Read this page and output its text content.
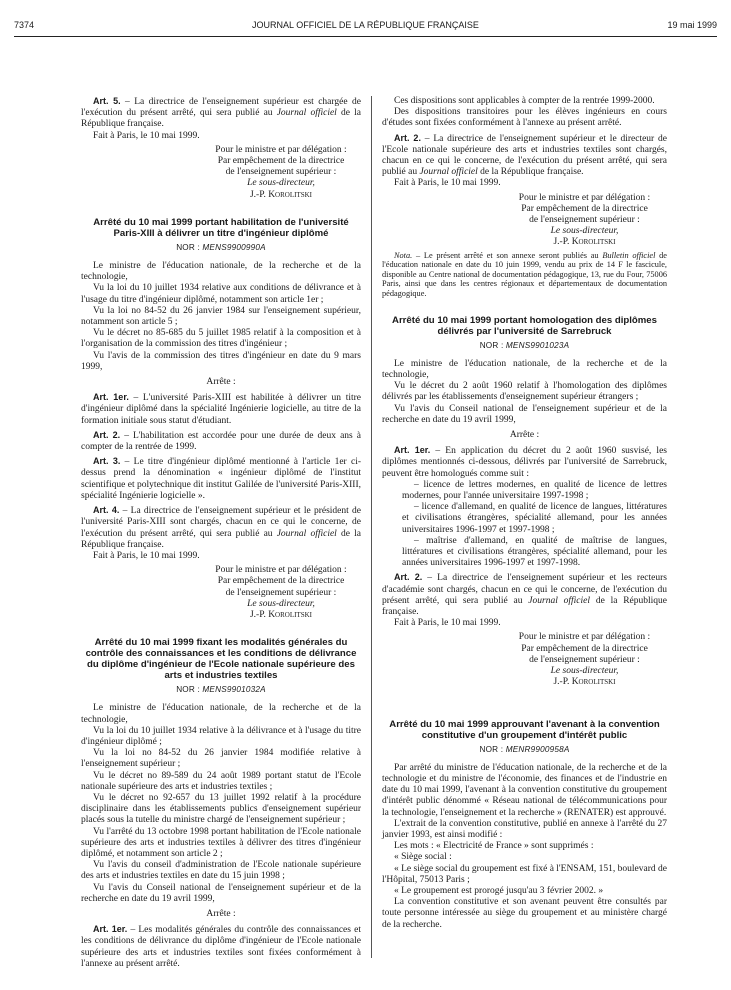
7374	JOURNAL OFFICIEL DE LA RÉPUBLIQUE FRANÇAISE	19 mai 1999

Art. 5. – La directrice de l'enseignement supérieur est chargée de l'exécution du présent arrêté, qui sera publié au Journal officiel de la République française.

Fait à Paris, le 10 mai 1999.

Pour le ministre et par délégation :
Par empêchement de la directrice
de l'enseignement supérieur :
Le sous-directeur,
J.-P. Korolitski
Arrêté du 10 mai 1999 portant habilitation de l'université Paris-XIII à délivrer un titre d'ingénieur diplômé
NOR : MENS9900990A

Le ministre de l'éducation nationale, de la recherche et de la technologie,

Vu la loi du 10 juillet 1934 relative aux conditions de délivrance et à l'usage du titre d'ingénieur diplômé, notamment son article 1er ;

Vu la loi no 84-52 du 26 janvier 1984 sur l'enseignement supérieur, notamment son article 5 ;

Vu le décret no 85-685 du 5 juillet 1985 relatif à la composition et à l'organisation de la commission des titres d'ingénieur ;

Vu l'avis de la commission des titres d'ingénieur en date du 9 mars 1999,

Arrête :

Art. 1er. – L'université Paris-XIII est habilitée à délivrer un titre d'ingénieur diplômé dans la spécialité Ingénierie logicielle, au titre de la formation initiale sous statut d'étudiant.

Art. 2. – L'habilitation est accordée pour une durée de deux ans à compter de la rentrée de 1999.

Art. 3. – Le titre d'ingénieur diplômé mentionné à l'article 1er ci-dessus prend la dénomination « ingénieur diplômé de l'institut scientifique et polytechnique dit institut Galilée de l'université Paris-XIII, spécialité Ingénierie logicielle ».

Art. 4. – La directrice de l'enseignement supérieur et le président de l'université Paris-XIII sont chargés, chacun en ce qui le concerne, de l'exécution du présent arrêté, qui sera publié au Journal officiel de la République française.

Fait à Paris, le 10 mai 1999.

Pour le ministre et par délégation :
Par empêchement de la directrice
de l'enseignement supérieur :
Le sous-directeur,
J.-P. Korolitski
Arrêté du 10 mai 1999 fixant les modalités générales du contrôle des connaissances et les conditions de délivrance du diplôme d'ingénieur de l'Ecole nationale supérieure des arts et industries textiles
NOR : MENS9901032A

Le ministre de l'éducation nationale, de la recherche et de la technologie,

Vu la loi du 10 juillet 1934 relative à la délivrance et à l'usage du titre d'ingénieur diplômé ;

Vu la loi no 84-52 du 26 janvier 1984 modifiée relative à l'enseignement supérieur ;

Vu le décret no 89-589 du 24 août 1989 portant statut de l'Ecole nationale supérieure des arts et industries textiles ;

Vu le décret no 92-657 du 13 juillet 1992 relatif à la procédure disciplinaire dans les établissements publics d'enseignement supérieur placés sous la tutelle du ministre chargé de l'enseignement supérieur ;

Vu l'arrêté du 13 octobre 1998 portant habilitation de l'Ecole nationale supérieure des arts et industries textiles à délivrer des titres d'ingénieur diplômé, et notamment son article 2 ;

Vu l'avis du conseil d'administration de l'Ecole nationale supérieure des arts et industries textiles en date du 15 juin 1998 ;

Vu l'avis du Conseil national de l'enseignement supérieur et de la recherche en date du 19 avril 1999,

Arrête :

Art. 1er. – Les modalités générales du contrôle des connaissances et les conditions de délivrance du diplôme d'ingénieur de l'Ecole nationale supérieure des arts et industries textiles sont fixées conformément à l'annexe au présent arrêté.

Ces dispositions sont applicables à compter de la rentrée 1999-2000.

Des dispositions transitoires pour les élèves ingénieurs en cours d'études sont fixées conformément à l'annexe au présent arrêté.

Art. 2. – La directrice de l'enseignement supérieur et le directeur de l'Ecole nationale supérieure des arts et industries textiles sont chargés, chacun en ce qui le concerne, de l'exécution du présent arrêté, qui sera publié au Journal officiel de la République française.

Fait à Paris, le 10 mai 1999.

Pour le ministre et par délégation :
Par empêchement de la directrice
de l'enseignement supérieur :
Le sous-directeur,
J.-P. Korolitski

Nota. – Le présent arrêté et son annexe seront publiés au Bulletin officiel de l'éducation nationale en date du 10 juin 1999, vendu au prix de 14 F le fascicule, disponible au Centre national de documentation pédagogique, 13, rue du Four, 75006 Paris, ainsi que dans les centres régionaux et départementaux de documentation pédagogique.

Arrêté du 10 mai 1999 portant homologation des diplômes délivrés par l'université de Sarrebruck
NOR : MENS9901023A

Le ministre de l'éducation nationale, de la recherche et de la technologie,

Vu le décret du 2 août 1960 relatif à l'homologation des diplômes délivrés par les établissements d'enseignement supérieur étrangers ;

Vu l'avis du Conseil national de l'enseignement supérieur et de la recherche en date du 19 avril 1999,

Arrête :

Art. 1er. – En application du décret du 2 août 1960 susvisé, les diplômes mentionnés ci-dessous, délivrés par l'université de Sarrebruck, peuvent être homologués comme suit :

– licence de lettres modernes, en qualité de licence de lettres modernes, pour l'année universitaire 1997-1998 ;

– licence d'allemand, en qualité de licence de langues, littératures et civilisations étrangères, spécialité allemand, pour les années universitaires 1996-1997 et 1997-1998 ;

– maîtrise d'allemand, en qualité de maîtrise de langues, littératures et civilisations étrangères, spécialité allemand, pour les années universitaires 1996-1997 et 1997-1998.

Art. 2. – La directrice de l'enseignement supérieur et les recteurs d'académie sont chargés, chacun en ce qui le concerne, de l'exécution du présent arrêté, qui sera publié au Journal officiel de la République française.

Fait à Paris, le 10 mai 1999.

Pour le ministre et par délégation :
Par empêchement de la directrice
de l'enseignement supérieur :
Le sous-directeur,
J.-P. Korolitski
Arrêté du 10 mai 1999 approuvant l'avenant à la convention constitutive d'un groupement d'intérêt public
NOR : MENR9900958A

Par arrêté du ministre de l'éducation nationale, de la recherche et de la technologie et du ministre de l'économie, des finances et de l'industrie en date du 10 mai 1999, l'avenant à la convention constitutive du groupement d'intérêt public dénommé « Réseau national de télécommunications pour la technologie, l'enseignement et la recherche » (RENATER) est approuvé.

L'extrait de la convention constitutive, publié en annexe à l'arrêté du 27 janvier 1993, est ainsi modifié :

Les mots : « Electricité de France » sont supprimés :

« Siège social :

« Le siège social du groupement est fixé à l'ENSAM, 151, boulevard de l'Hôpital, 75013 Paris ;

« Le groupement est prorogé jusqu'au 3 février 2002. »

La convention constitutive et son avenant peuvent être consultés par toute personne intéressée au siège du groupement et au ministère chargé de la recherche.
